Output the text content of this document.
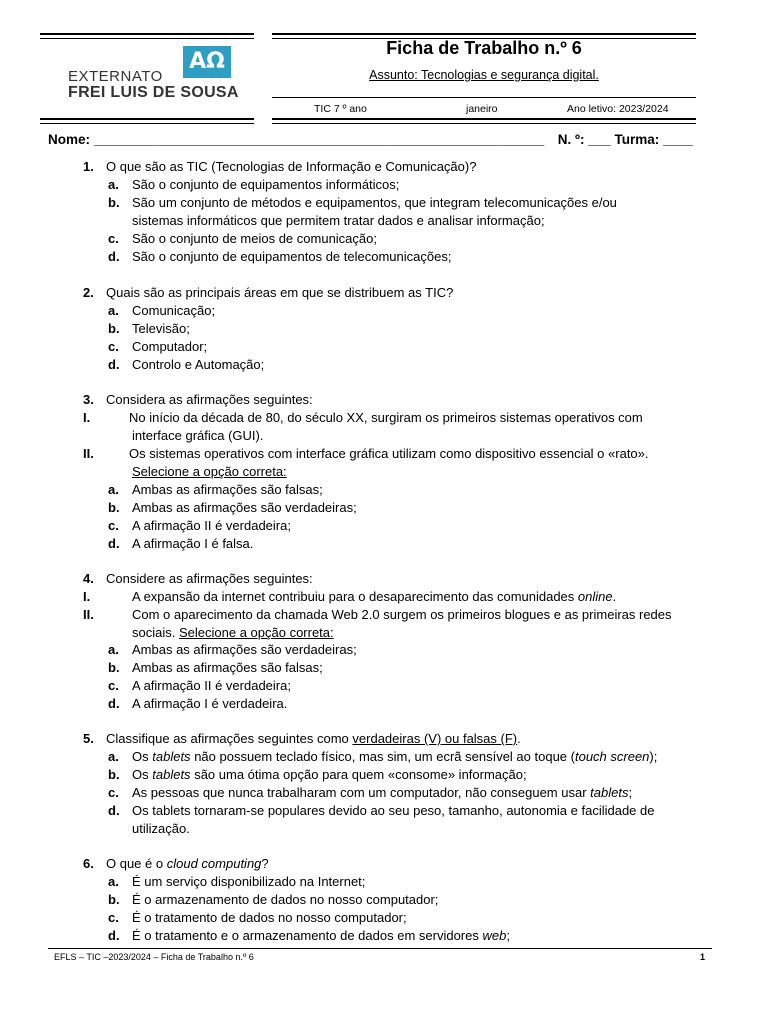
AΩ
EXTERNATO
FREI LUIS DE SOUSA
Ficha de Trabalho n.º 6
Assunto: Tecnologias e segurança digital.
TIC 7 º ano	janeiro	Ano letivo: 2023/2024
Nome: ____________________________________________________________ N. º: ___ Turma: ____
1. O que são as TIC (Tecnologias de Informação e Comunicação)?
a. São o conjunto de equipamentos informáticos;
b. São um conjunto de métodos e equipamentos, que integram telecomunicações e/ou
sistemas informáticos que permitem tratar dados e analisar informação;
c. São o conjunto de meios de comunicação;
d. São o conjunto de equipamentos de telecomunicações;
2. Quais são as principais áreas em que se distribuem as TIC?
a. Comunicação;
b. Televisão;
c. Computador;
d. Controlo e Automação;
3. Considera as afirmações seguintes:
I.	No início da década de 80, do século XX, surgiram os primeiros sistemas operativos com
interface gráfica (GUI).
II.	Os sistemas operativos com interface gráfica utilizam como dispositivo essencial o «rato».
Selecione a opção correta:
a. Ambas as afirmações são falsas;
b. Ambas as afirmações são verdadeiras;
c. A afirmação II é verdadeira;
d. A afirmação I é falsa.
4. Considere as afirmações seguintes:
I.	A expansão da internet contribuiu para o desaparecimento das comunidades online.
II.	Com o aparecimento da chamada Web 2.0 surgem os primeiros blogues e as primeiras redes
sociais. Selecione a opção correta:
a. Ambas as afirmações são verdadeiras;
b. Ambas as afirmações são falsas;
c. A afirmação II é verdadeira;
d. A afirmação I é verdadeira.
5. Classifique as afirmações seguintes como verdadeiras (V) ou falsas (F).
a. Os tablets não possuem teclado físico, mas sim, um ecrã sensível ao toque (touch screen);
b. Os tablets são uma ótima opção para quem «consome» informação;
c. As pessoas que nunca trabalharam com um computador, não conseguem usar tablets;
d. Os tablets tornaram-se populares devido ao seu peso, tamanho, autonomia e facilidade de
utilização.
6. O que é o cloud computing?
a. É um serviço disponibilizado na Internet;
b. É o armazenamento de dados no nosso computador;
c. É o tratamento de dados no nosso computador;
d. É o tratamento e o armazenamento de dados em servidores web;
EFLS – TIC –2023/2024 – Ficha de Trabalho n.º 6	1
